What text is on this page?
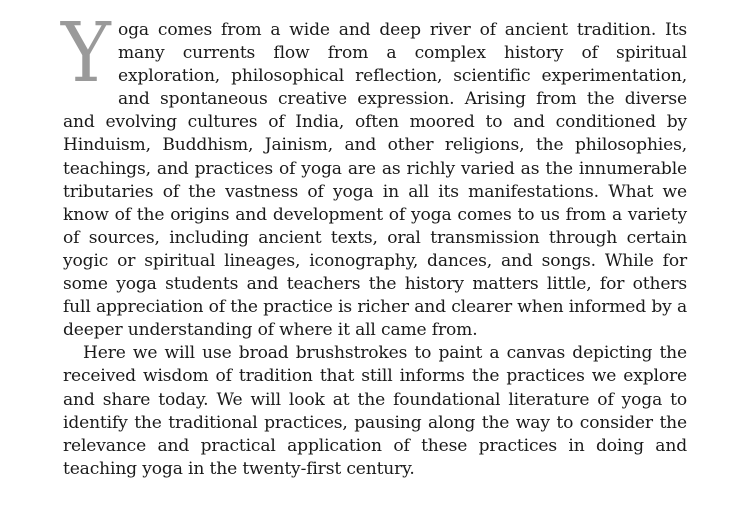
Y oga comes from a wide and deep river of ancient tradition. Its many currents flow from a complex history of spiritual exploration, philosophical reflection, scientific experimentation, and spontaneous creative expression. Arising from the diverse and evolving cultures of India, often moored to and conditioned by Hinduism, Buddhism, Jainism, and other religions, the philosophies, teachings, and practices of yoga are as richly varied as the innumerable tributaries of the vastness of yoga in all its manifestations. What we know of the origins and development of yoga comes to us from a variety of sources, including ancient texts, oral transmission through certain yogic or spiritual lineages, iconography, dances, and songs. While for some yoga students and teachers the history matters little, for others full appreciation of the practice is richer and clearer when informed by a deeper understanding of where it all came from.

Here we will use broad brushstrokes to paint a canvas depicting the received wisdom of tradition that still informs the practices we explore and share today. We will look at the foundational literature of yoga to identify the traditional practices, pausing along the way to consider the relevance and practical application of these practices in doing and teaching yoga in the twenty-first century.
